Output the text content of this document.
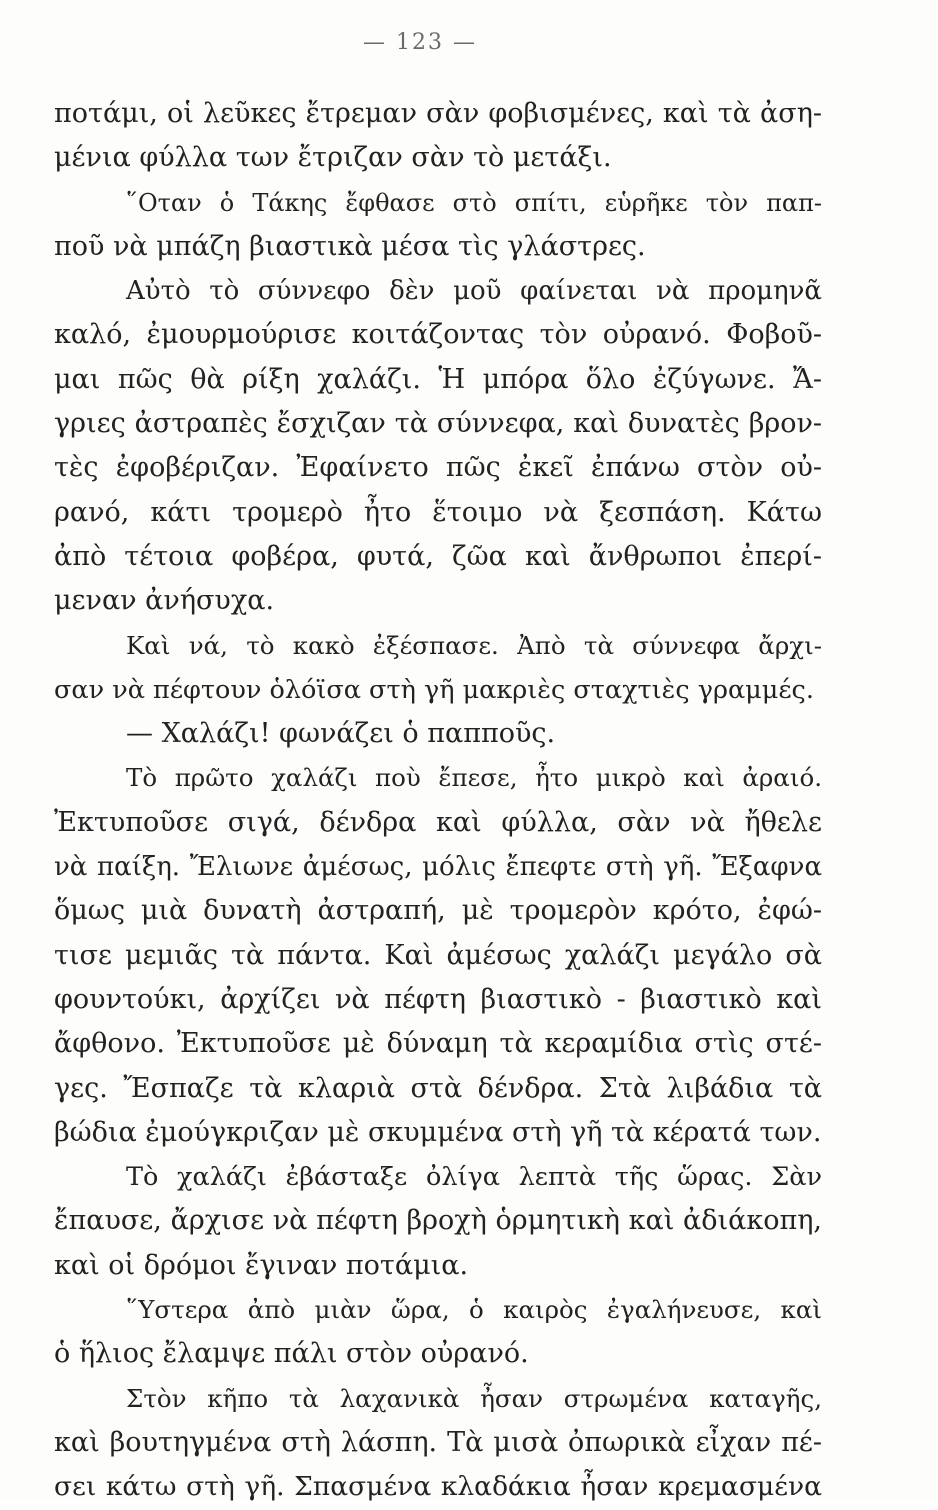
— 123 —
ποτάμι, οἱ λεῦκες ἔτρεμαν σὰν φοβισμένες, καὶ τὰ ἀση-
μένια φύλλα των ἔτριζαν σὰν τὸ μετάξι.
῞Οταν ὁ Τάκης ἔφθασε στὸ σπίτι, εὑρῆκε τὸν παπ-
ποῦ νὰ μπάζη βιαστικὰ μέσα τὶς γλάστρες.
Αὐτὸ τὸ σύννεφο δὲν μοῦ φαίνεται νὰ προμηνᾶ
καλό, ἐμουρμούρισε κοιτάζοντας τὸν οὐρανό. Φοβοῦ-
μαι πῶς θὰ ρίξη χαλάζι. Ἡ μπόρα ὅλο ἐζύγωνε. Ἄ-
γριες ἀστραπὲς ἔσχιζαν τὰ σύννεφα, καὶ δυνατὲς βρον-
τὲς ἐφοβέριζαν. Ἐφαίνετο πῶς ἐκεῖ ἐπάνω στὸν οὐ-
ρανό, κάτι τρομερὸ ἦτο ἕτοιμο νὰ ξεσπάση. Κάτω
ἀπὸ τέτοια φοβέρα, φυτά, ζῶα καὶ ἄνθρωποι ἐπερί-
μεναν ἀνήσυχα.
Καὶ νά, τὸ κακὸ ἐξέσπασε. Ἀπὸ τὰ σύννεφα ἄρχι-
σαν νὰ πέφτουν ὁλόϊσα στὴ γῆ μακριὲς σταχτιὲς γραμμές.
— Χαλάζι! φωνάζει ὁ παπποῦς.
Τὸ πρῶτο χαλάζι ποὺ ἔπεσε, ἦτο μικρὸ καὶ ἀραιό.
Ἐκτυποῦσε σιγά, δένδρα καὶ φύλλα, σὰν νὰ ἤθελε
νὰ παίξη. Ἔλιωνε ἀμέσως, μόλις ἔπεφτε στὴ γῆ. Ἔξαφνα
ὅμως μιὰ δυνατὴ ἀστραπή, μὲ τρομερὸν κρότο, ἐφώ-
τισε μεμιᾶς τὰ πάντα. Καὶ ἀμέσως χαλάζι μεγάλο σὰ
φουντούκι, ἀρχίζει νὰ πέφτη βιαστικὸ - βιαστικὸ καὶ
ἄφθονο. Ἐκτυποῦσε μὲ δύναμη τὰ κεραμίδια στὶς στέ-
γες. Ἔσπαζε τὰ κλαριὰ στὰ δένδρα. Στὰ λιβάδια τὰ
βώδια ἐμούγκριζαν μὲ σκυμμένα στὴ γῆ τὰ κέρατά των.
Τὸ χαλάζι ἐβάσταξε ὀλίγα λεπτὰ τῆς ὥρας. Σὰν
ἔπαυσε, ἄρχισε νὰ πέφτη βροχὴ ὁρμητικὴ καὶ ἀδιάκοπη,
καὶ οἱ δρόμοι ἔγιναν ποτάμια.
῞Υστερα ἀπὸ μιὰν ὥρα, ὁ καιρὸς ἐγαλήνευσε, καὶ
ὁ ἥλιος ἔλαμψε πάλι στὸν οὐρανό.
Στὸν κῆπο τὰ λαχανικὰ ἦσαν στρωμένα καταγῆς,
καὶ βουτηγμένα στὴ λάσπη. Τὰ μισὰ ὀπωρικὰ εἶχαν πέ-
σει κάτω στὴ γῆ. Σπασμένα κλαδάκια ἦσαν κρεμασμένα
